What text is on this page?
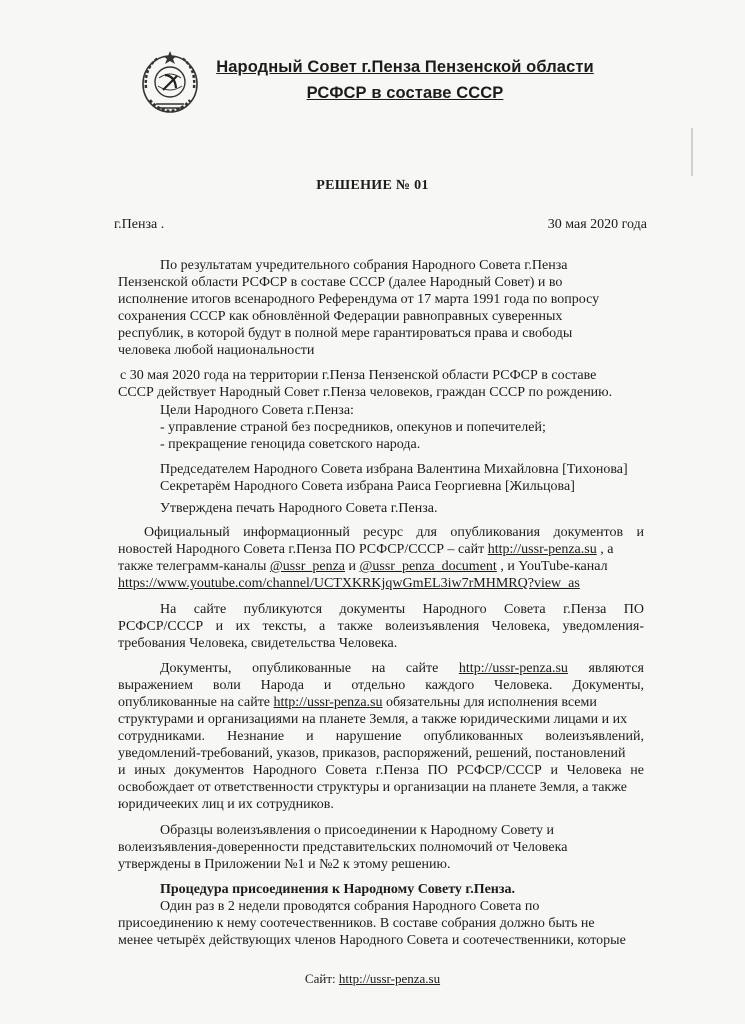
Народный Совет г.Пенза Пензенской области
РСФСР в составе СССР
РЕШЕНИЕ № 01
г.Пенза .	30 мая 2020 года
По результатам учредительного собрания Народного Совета г.Пенза
Пензенской области РСФСР в составе СССР (далее Народный Совет) и во
исполнение итогов всенародного Референдума от 17 марта 1991 года по вопросу
сохранения СССР как обновлённой Федерации равноправных суверенных
республик, в которой будут в полной мере гарантироваться права и свободы
человека любой национальности
с 30 мая 2020 года на территории г.Пенза Пензенской области РСФСР в составе
СССР действует Народный Совет г.Пенза человеков, граждан СССР по рождению.
Цели Народного Совета г.Пенза:
- управление страной без посредников, опекунов и попечителей;
- прекращение геноцида советского народа.
Председателем Народного Совета избрана Валентина Михайловна [Тихонова]
Секретарём Народного Совета избрана Раиса Георгиевна [Жильцова]
Утверждена печать Народного Совета г.Пенза.
Официальный информационный ресурс для опубликования документов и
новостей Народного Совета г.Пенза ПО РСФСР/СССР – сайт http://ussr-penza.su , а
также телеграмм-каналы @ussr_penza и @ussr_penza_document , и YouTube-канал
https://www.youtube.com/channel/UCTXKRKjqwGmEL3iw7rMHMRQ?view_as
На сайте публикуются документы Народного Совета г.Пенза ПО
РСФСР/СССР и их тексты, а также волеизъявления Человека, уведомления-
требования Человека, свидетельства Человека.
Документы, опубликованные на сайте http://ussr-penza.su являются
выражением воли Народа и отдельно каждого Человека. Документы,
опубликованные на сайте http://ussr-penza.su обязательны для исполнения всеми
структурами и организациями на планете Земля, а также юридическими лицами и их
сотрудниками. Незнание и нарушение опубликованных волеизъявлений,
уведомлений-требований, указов, приказов, распоряжений, решений, постановлений
и иных документов Народного Совета г.Пенза ПО РСФСР/СССР и Человека не
освобождает от ответственности структуры и организации на планете Земля, а также
юридичееких лиц и их сотрудников.
Образцы волеизъявления о присоединении к Народному Совету и
волеизъявления-доверенности представительских полномочий от Человека
утверждены в Приложении №1 и №2 к этому решению.
Процедура присоединения к Народному Совету г.Пенза.
Один раз в 2 недели проводятся собрания Народного Совета по
присоединению к нему соотечественников. В составе собрания должно быть не
менее четырёх действующих членов Народного Совета и соотечественники, которые
Сайт: http://ussr-penza.su
